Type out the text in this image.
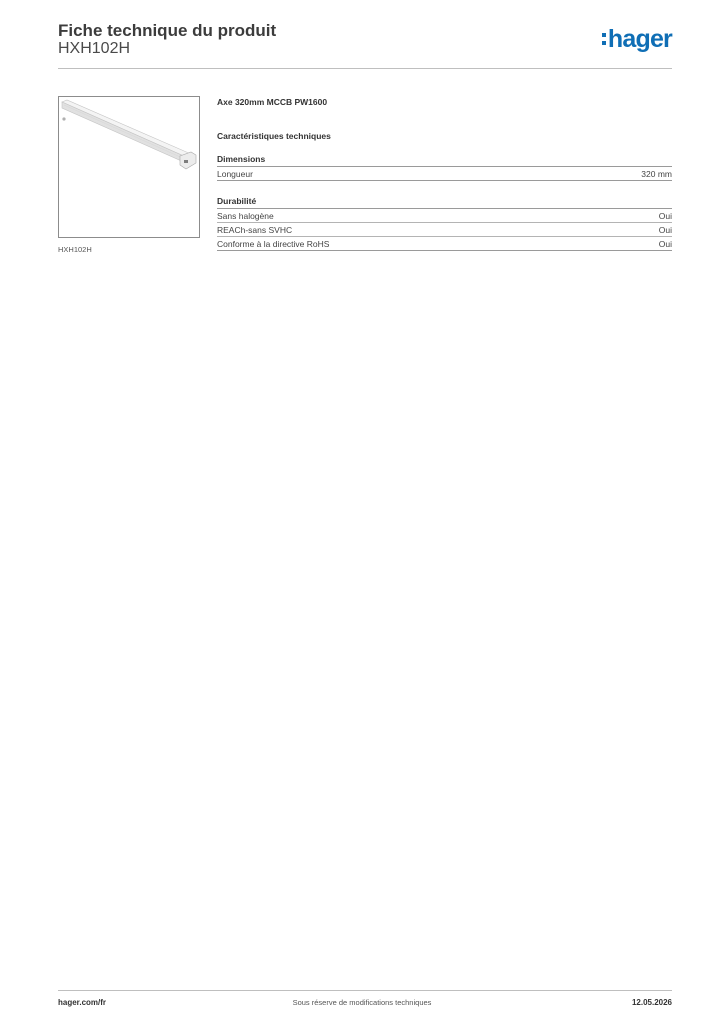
Fiche technique du produit
HXH102H	hager
HXH102H
Axe 320mm MCCB PW1600
Caractéristiques techniques
Dimensions
Longueur	320 mm
Durabilité
Sans halogène	Oui
REACh-sans SVHC	Oui
Conforme à la directive RoHS	Oui
hager.com/fr	Sous réserve de modifications techniques	12.05.2026
